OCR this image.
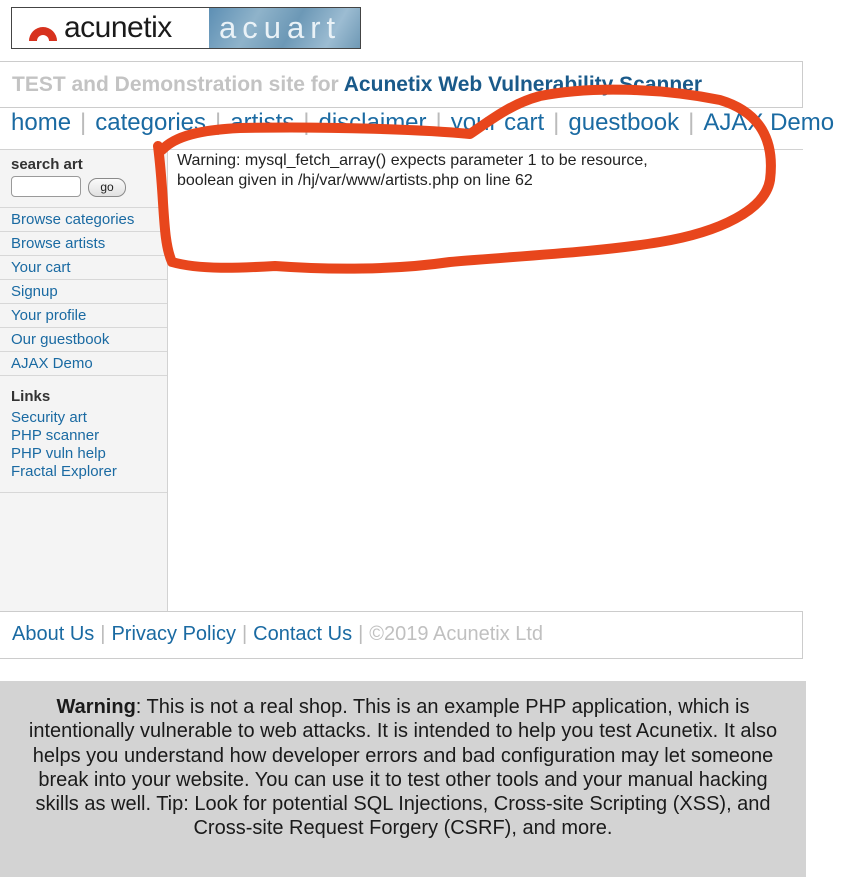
acunetix acuart
TEST and Demonstration site for Acunetix Web Vulnerability Scanner
home | categories | artists | disclaimer | your cart | guestbook | AJAX Demo
search art
go
Browse categories
Browse artists
Your cart
Signup
Your profile
Our guestbook
AJAX Demo
Links
Security art
PHP scanner
PHP vuln help
Fractal Explorer
Warning: mysql_fetch_array() expects parameter 1 to be resource,
boolean given in /hj/var/www/artists.php on line 62
About Us | Privacy Policy | Contact Us | ©2019 Acunetix Ltd
Warning: This is not a real shop. This is an example PHP application, which is intentionally vulnerable to web attacks. It is intended to help you test Acunetix. It also helps you understand how developer errors and bad configuration may let someone break into your website. You can use it to test other tools and your manual hacking skills as well. Tip: Look for potential SQL Injections, Cross-site Scripting (XSS), and Cross-site Request Forgery (CSRF), and more.
